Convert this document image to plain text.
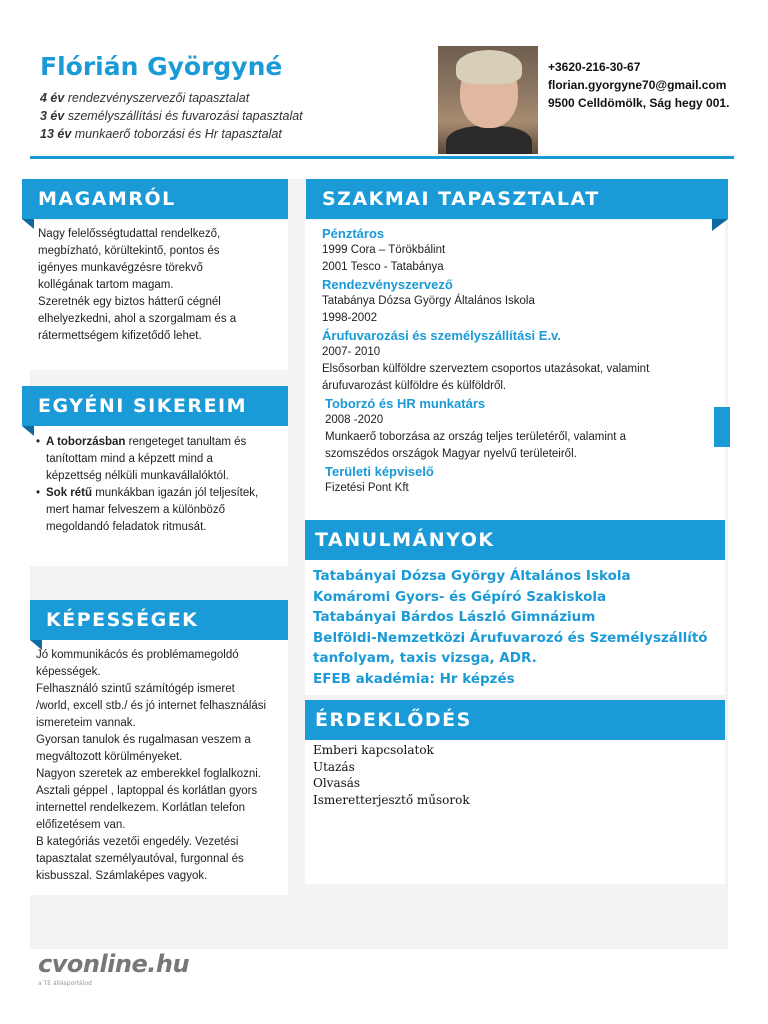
Flórián Györgyné
4 év rendezvényszervezői tapasztalat
3 év személyszállítási és fuvarozási tapasztalat
13 év munkaerő toborzási és Hr tapasztalat
+3620-216-30-67
florian.gyorgyne70@gmail.com
9500 Celldömölk, Ság hegy 001.
MAGAMRÓL
Nagy felelősségtudattal rendelkező,
megbízható, körültekintő, pontos és
igényes munkavégzésre törekvő
kollégának tartom magam.
Szeretnék egy biztos hátterű cégnél
elhelyezkedni, ahol a szorgalmam és a
rátermettségem kifizetődő lehet.
EGYÉNI SIKEREIM
• A toborzásban rengeteget tanultam és
tanítottam mind a képzett mind a
képzettség nélküli munkavállalóktól.
• Sok rétű munkákban igazán jól teljesítek,
mert hamar felveszem a különböző
megoldandó feladatok ritmusát.
KÉPESSÉGEK
Jó kommunikácós és problémamegoldó
képességek.
Felhasználó szintű számítógép ismeret
/world, excell stb./ és jó internet felhasználási
ismereteim vannak.
Gyorsan tanulok és rugalmasan veszem a
megváltozott körülményeket.
Nagyon szeretek az emberekkel foglalkozni.
Asztali géppel , laptoppal és korlátlan gyors
internettel rendelkezem. Korlátlan telefon
előfizetésem van.
B kategóriás vezetői engedély. Vezetési
tapasztalat személyautóval, furgonnal és
kisbusszal. Számlaképes vagyok.
SZAKMAI TAPASZTALAT
Pénztáros
1999 Cora – Törökbálint
2001 Tesco - Tatabánya
Rendezvényszervező
Tatabánya Dózsa György Általános Iskola
1998-2002
Árufuvarozási és személyszállítási E.v.
2007- 2010
Elsősorban külföldre szerveztem csoportos utazásokat, valamint
árufuvarozást külföldre és külföldről.
Toborzó és HR munkatárs
2008 -2020
Munkaerő toborzása az ország teljes területéről, valamint a
szomszédos országok Magyar nyelvű területeiről.
Területi képviselő
Fizetési Pont Kft
TANULMÁNYOK
Tatabányai Dózsa György Általános Iskola
Komáromi Gyors- és Gépíró Szakiskola
Tatabányai Bárdos László Gimnázium
Belföldi-Nemzetközi Árufuvarozó és Személyszállító
tanfolyam, taxis vizsga, ADR.
EFEB akadémia: Hr képzés
ÉRDEKLŐDÉS
Emberi kapcsolatok
Utazás
Olvasás
Ismeretterjesztő műsorok
cvonline.hu
a TE állásportálod
